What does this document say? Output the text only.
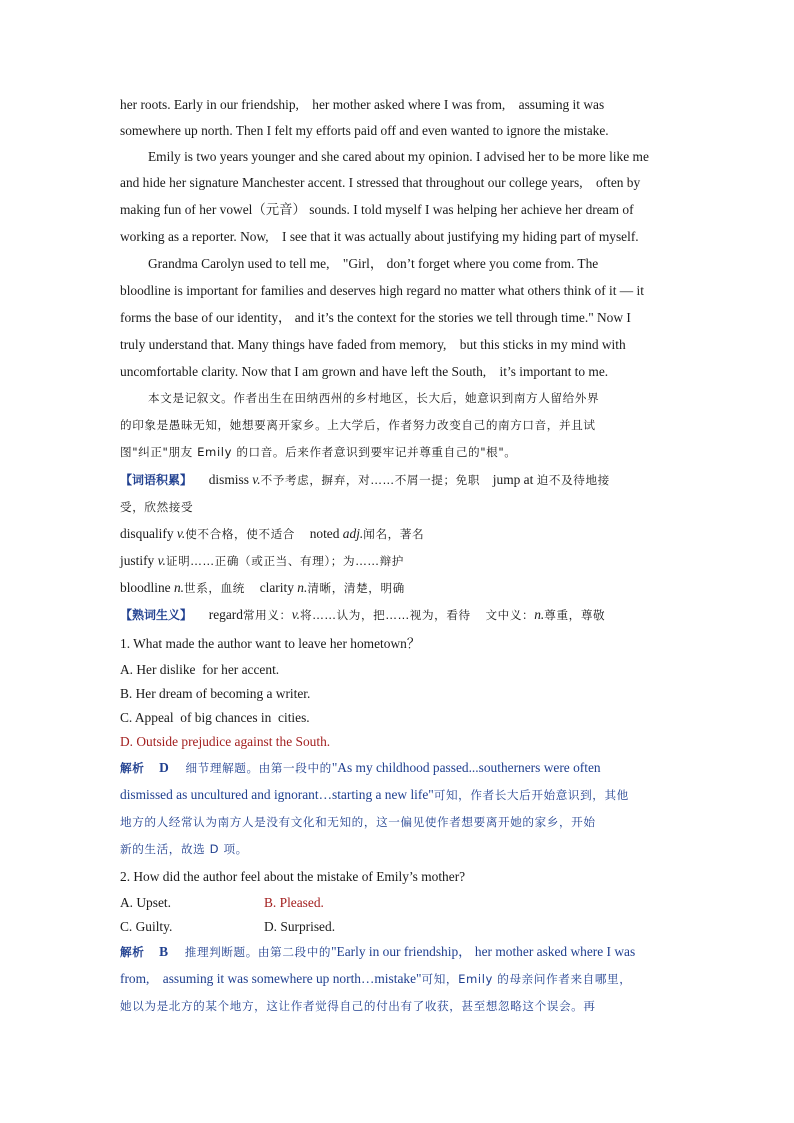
her roots. Early in our friendship,　her mother asked where I was from,　assuming it was
somewhere up north. Then I felt my efforts paid off and even wanted to ignore the mistake.
Emily is two years younger and she cared about my opinion. I advised her to be more like me
and hide her signature Manchester accent. I stressed that throughout our college years,　often by
making fun of her vowel（元音） sounds. I told myself I was helping her achieve her dream of
working as a reporter. Now,　I see that it was actually about justifying my hiding part of myself.
Grandma Carolyn used to tell me,　"Girl， don’t forget where you come from. The
bloodline is important for families and deserves high regard no matter what others think of it — it
forms the base of our identity， and it’s the context for the stories we tell through time." Now I
truly understand that. Many things have faded from memory,　but this sticks in my mind with
uncomfortable clarity. Now that I am grown and have left the South,　it’s important to me.
本文是记叙文。作者出生在田纳西州的乡村地区，长大后，她意识到南方人留给外界
的印象是愚昧无知，她想要离开家乡。上大学后，作者努力改变自己的南方口音，并且试
图"纠正"朋友 Emily 的口音。后来作者意识到要牢记并尊重自己的"根"。
【词语积累】 dismiss v.不予考虑，摒弃，对……不屑一提；免职 jump at 迫不及待地接
受，欣然接受
disqualify v.使不合格，使不适合 noted adj.闻名，著名
justify v.证明……正确（或正当、有理）；为……辩护
bloodline n.世系，血统 clarity n.清晰，清楚，明确
【熟词生义】 regard常用义：v.将……认为，把……视为，看待 文中义：n.尊重，尊敬
1. What made the author want to leave her hometown？
A. Her dislike  for her accent.
B. Her dream of becoming a writer.
C. Appeal  of big chances in  cities.
D. Outside prejudice against the South.
解析 D 细节理解题。由第一段中的"As my childhood passed...southerners were often
dismissed as uncultured and ignorant…starting a new life"可知，作者长大后开始意识到，其他
地方的人经常认为南方人是没有文化和无知的，这一偏见使作者想要离开她的家乡，开始
新的生活，故选 D 项。
2. How did the author feel about the mistake of Emily’s mother?
A. Upset.	B. Pleased.
C. Guilty.	D. Surprised.
解析 B 推理判断题。由第二段中的"Early in our friendship， her mother asked where I was
from,　assuming it was somewhere up north…mistake"可知，Emily 的母亲问作者来自哪里，
她以为是北方的某个地方，这让作者觉得自己的付出有了收获，甚至想忽略这个误会。再
